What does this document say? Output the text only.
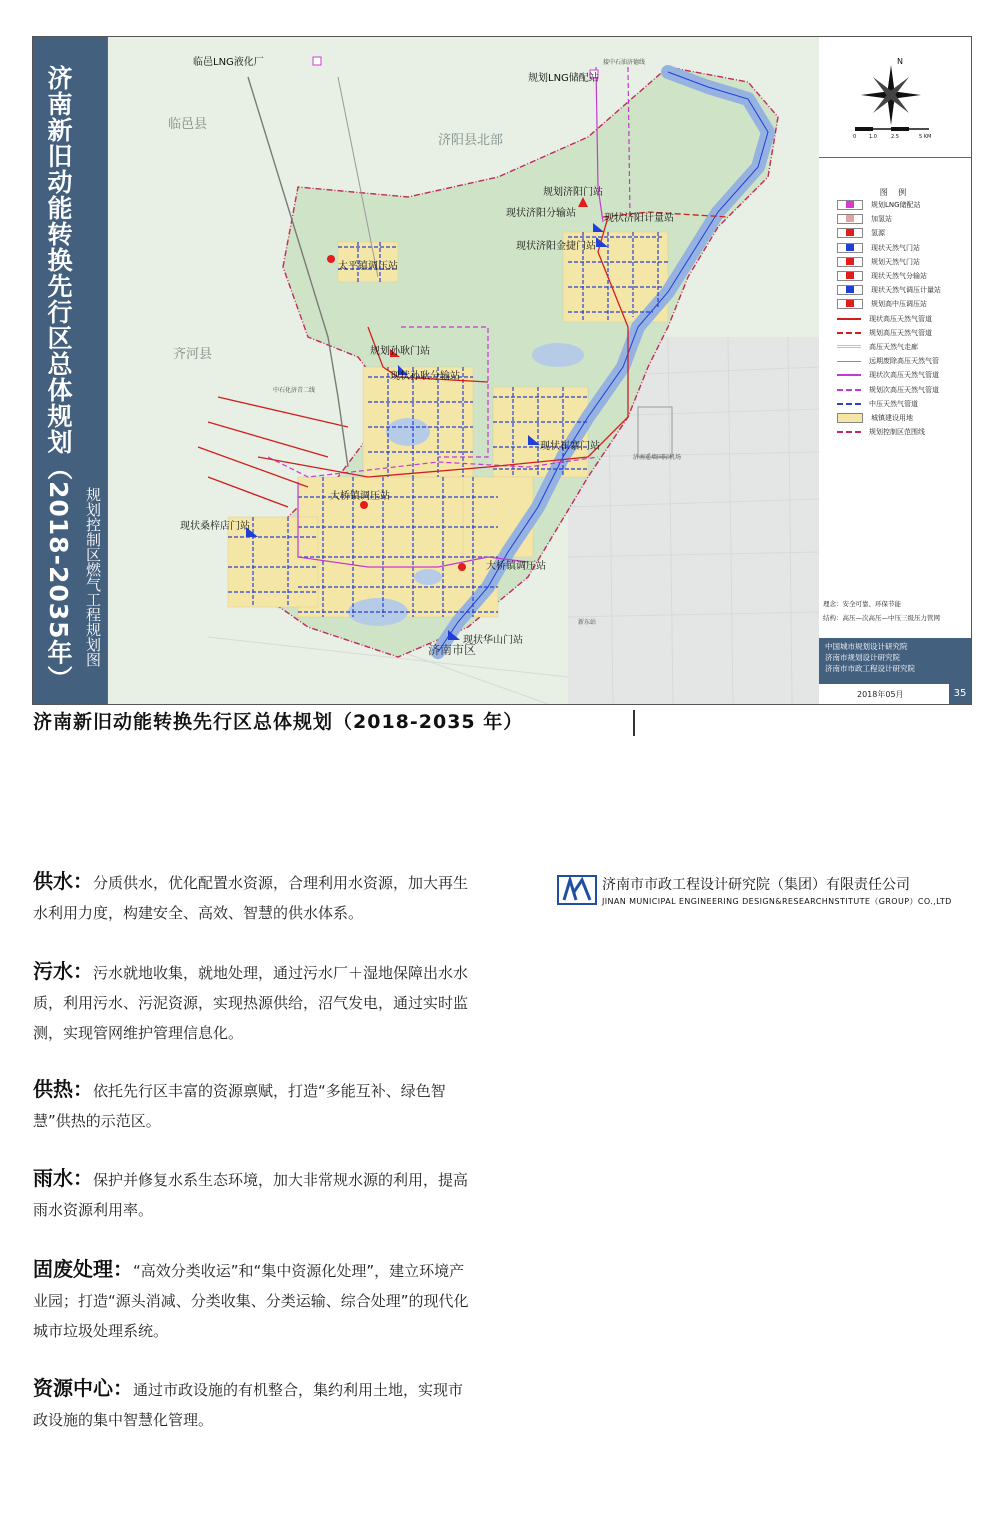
济南新旧动能转换先行区总体规划（2018-2035年） 规划控制区燃气工程规划图
临邑LNG液化厂
规划LNG储配站
接中石油济德线
临邑县
济阳县北部
规划济阳门站
现状济阳分输站	现状济阳计量站
现状济阳金捷门站
太平镇调压站
齐河县	规划孙耿门站
现状孙耿分输站
中石化济青二线
现状崔寨门站
济南遥墙国际机场
大桥镇调压站
现状桑梓店门站
大桥镇调压站
现状华山门站
济南市区
新东站
N
0	1.0	2.5	5 KM
图 例
规划LNG储配站
加氢站
氢源
现状天然气门站
规划天然气门站
现状天然气分输站
现状天然气调压计量站
规划高中压调压站
现状高压天然气管道
规划高压天然气管道
高压天然气走廊
远期废除高压天然气管
现状次高压天然气管道
规划次高压天然气管道
中压天然气管道
城镇建设用地
规划控制区范围线
理念：安全可靠、环保节能
结构：高压—次高压—中压三级压力管网
中国城市规划设计研究院
济南市规划设计研究院
济南市市政工程设计研究院
2018年05月	35
济南新旧动能转换先行区总体规划（2018-2035 年）
济南市市政工程设计研究院（集团）有限责任公司
JINAN MUNICIPAL ENGINEERING DESIGN&RESEARCHNSTITUTE（GROUP）CO.,LTD
供水：分质供水，优化配置水资源，合理利用水资源，加大再生水利用力度，构建安全、高效、智慧的供水体系。
污水：污水就地收集，就地处理，通过污水厂＋湿地保障出水水质，利用污水、污泥资源，实现热源供给，沼气发电，通过实时监测，实现管网维护管理信息化。
供热：依托先行区丰富的资源禀赋，打造“多能互补、绿色智慧”供热的示范区。
雨水：保护并修复水系生态环境，加大非常规水源的利用，提高雨水资源利用率。
固废处理：“高效分类收运”和“集中资源化处理”，建立环境产 业园；打造“源头消减、分类收集、分类运输、综合处理”的现代化城市垃圾处理系统。
资源中心：通过市政设施的有机整合，集约利用土地，实现市政设施的集中智慧化管理。
